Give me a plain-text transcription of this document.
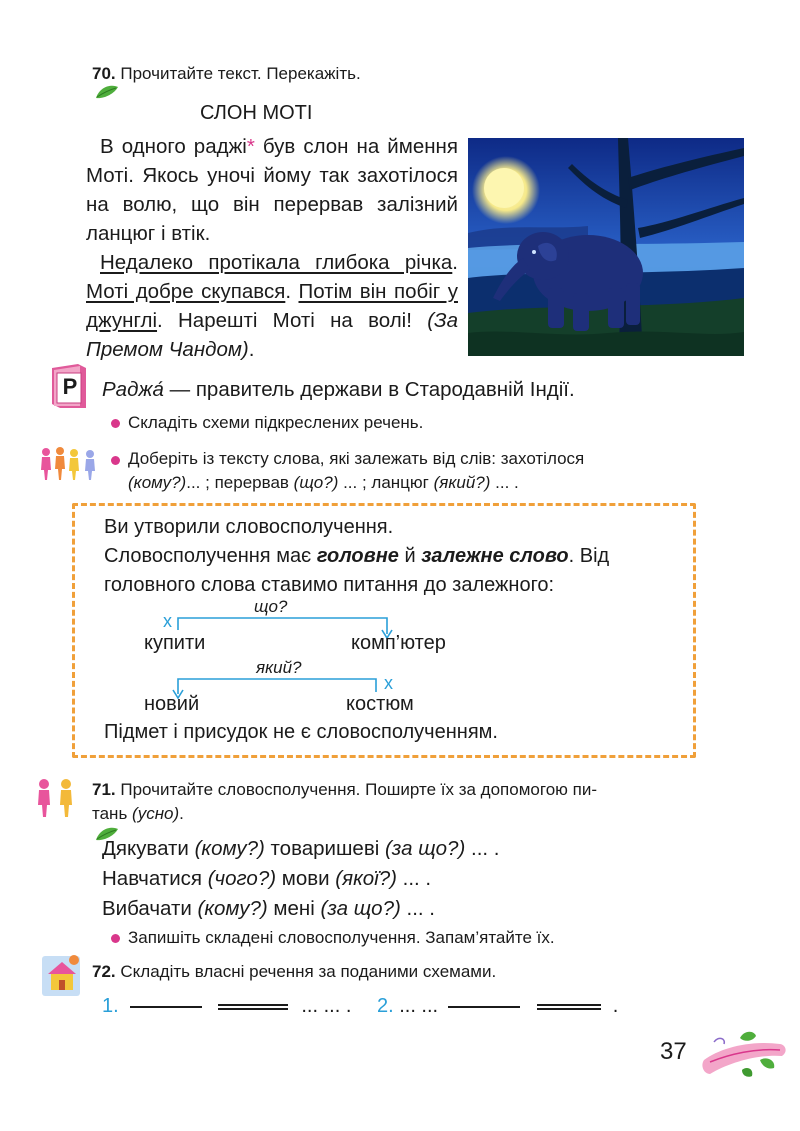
70. Прочитайте текст. Перекажіть.
СЛОН МОТІ

В одного раджі* був слон на ймення Моті. Якось уночі йому так захотілося на волю, що він перервав залізний ланцюг і втік.

Недалеко протікала глибока річка. Моті добре скупався. Потім він побіг у джунглі. Нарешті Моті на волі! (За Премом Чандом).

Р Раджа́ — правитель держави в Стародавній Індії.
Складіть схеми підкреслених речень.
Доберіть із тексту слова, які залежать від слів: захотілося
(кому?)... ; перервав (що?) ... ; ланцюг (який?) ... .
Ви утворили словосполучення.
Словосполучення має головне й залежне слово. Від
головного слова ставимо питання до залежного:
що?
x
купити	комп’ютер
який?
x
новий	костюм
Підмет і присудок не є словосполученням.
71. Прочитайте словосполучення. Поширте їх за допомогою пи-
тань (усно).
Дякувати (кому?) товаришеві (за що?) ... .
Навчатися (чого?) мови (якої?) ... .
Вибачати (кому?) мені (за що?) ... .
Запишіть складені словосполучення. Запам’ятайте їх.
72. Складіть власні речення за поданими схемами.
1.	... ... . 2. ... ...	.
37
